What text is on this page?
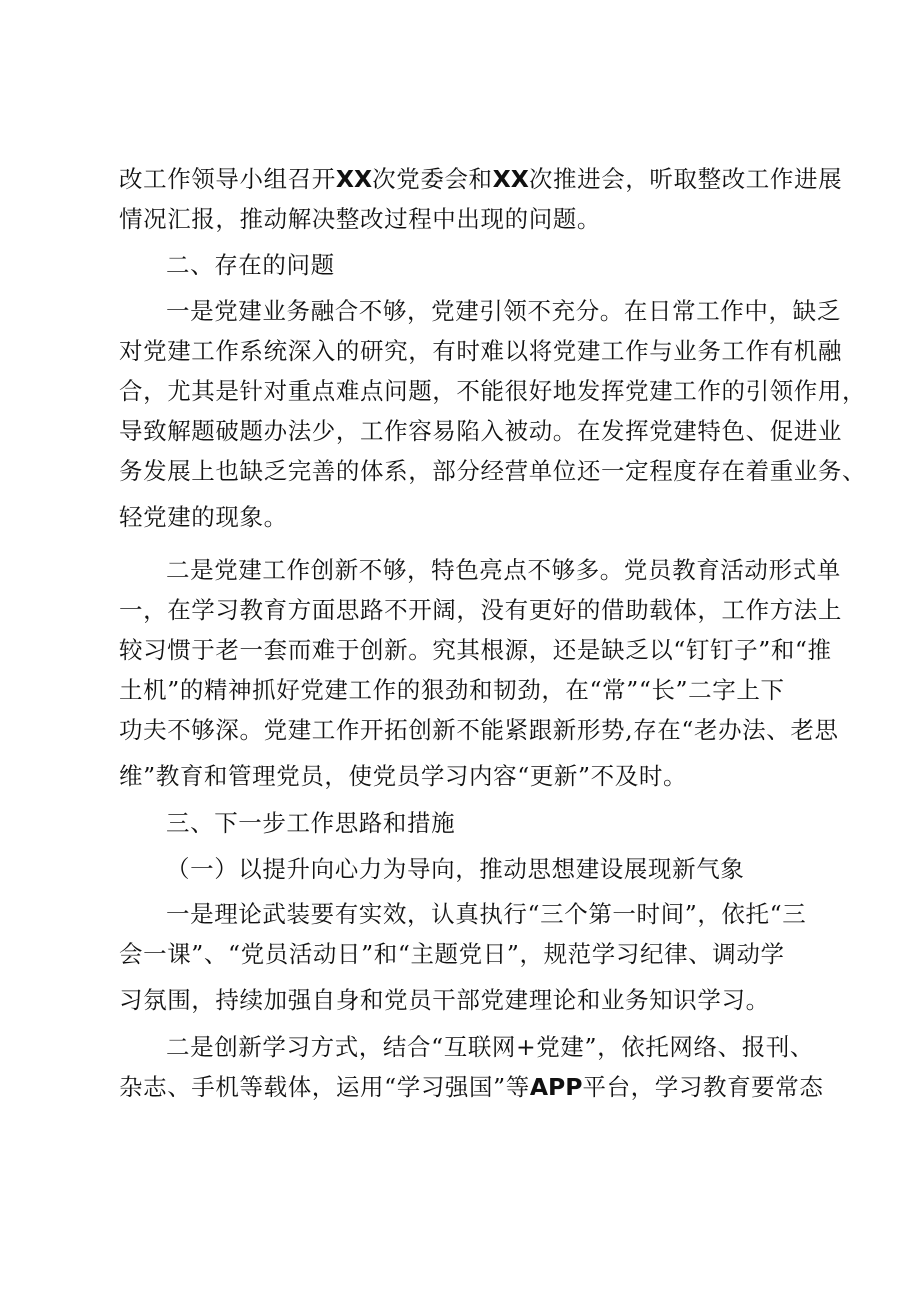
改工作领导小组召开XX次党委会和XX次推进会，听取整改工作进展
情况汇报，推动解决整改过程中出现的问题。
二、存在的问题
一是党建业务融合不够，党建引领不充分。在日常工作中，缺乏
对党建工作系统深入的研究，有时难以将党建工作与业务工作有机融
合，尤其是针对重点难点问题，不能很好地发挥党建工作的引领作用，
导致解题破题办法少，工作容易陷入被动。在发挥党建特色、促进业
务发展上也缺乏完善的体系，部分经营单位还一定程度存在着重业务、
轻党建的现象。
二是党建工作创新不够，特色亮点不够多。党员教育活动形式单
一，在学习教育方面思路不开阔，没有更好的借助载体，工作方法上
较习惯于老一套而难于创新。究其根源，还是缺乏以“钉钉子”和“推
土机”的精神抓好党建工作的狠劲和韧劲，在“常”“长”二字上下
功夫不够深。党建工作开拓创新不能紧跟新形势,存在“老办法、老思
维”教育和管理党员，使党员学习内容“更新”不及时。
三、下一步工作思路和措施
（一）以提升向心力为导向，推动思想建设展现新气象
一是理论武装要有实效，认真执行“三个第一时间”，依托“三
会一课”、“党员活动日”和“主题党日”，规范学习纪律、调动学
习氛围，持续加强自身和党员干部党建理论和业务知识学习。
二是创新学习方式，结合“互联网+党建”，依托网络、报刊、
杂志、手机等载体，运用“学习强国”等APP平台，学习教育要常态
